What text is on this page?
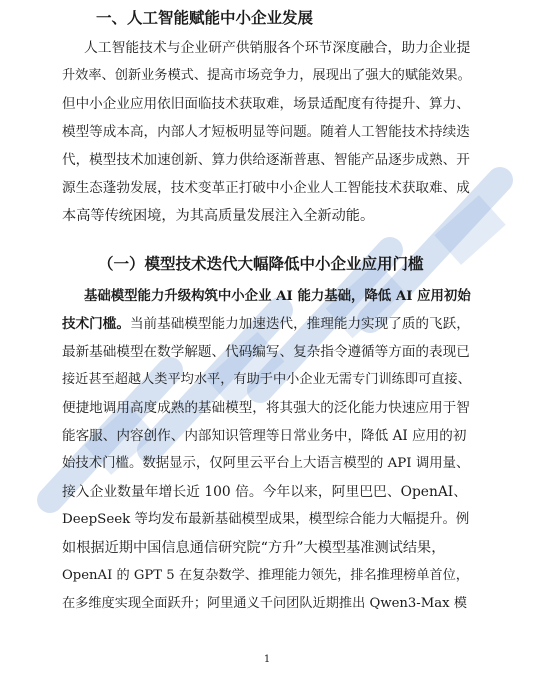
一、人工智能赋能中小企业发展
人工智能技术与企业研产供销服各个环节深度融合，助力企业提
升效率、创新业务模式、提高市场竞争力，展现出了强大的赋能效果。
但中小企业应用依旧面临技术获取难，场景适配度有待提升、算力、
模型等成本高，内部人才短板明显等问题。随着人工智能技术持续迭
代，模型技术加速创新、算力供给逐渐普惠、智能产品逐步成熟、开
源生态蓬勃发展，技术变革正打破中小企业人工智能技术获取难、成
本高等传统困境，为其高质量发展注入全新动能。
（一）模型技术迭代大幅降低中小企业应用门槛
基础模型能力升级构筑中小企业 AI 能力基础，降低 AI 应用初始
技术门槛。当前基础模型能力加速迭代，推理能力实现了质的飞跃，
最新基础模型在数学解题、代码编写、复杂指令遵循等方面的表现已
接近甚至超越人类平均水平，有助于中小企业无需专门训练即可直接、
便捷地调用高度成熟的基础模型，将其强大的泛化能力快速应用于智
能客服、内容创作、内部知识管理等日常业务中，降低 AI 应用的初
始技术门槛。数据显示，仅阿里云平台上大语言模型的 API 调用量、
接入企业数量年增长近 100 倍。今年以来，阿里巴巴、OpenAI、
DeepSeek 等均发布最新基础模型成果，模型综合能力大幅提升。例
如根据近期中国信息通信研究院“方升”大模型基准测试结果，
OpenAI 的 GPT 5 在复杂数学、推理能力领先，排名推理榜单首位，
在多维度实现全面跃升；阿里通义千问团队近期推出 Qwen3-Max 模
1
